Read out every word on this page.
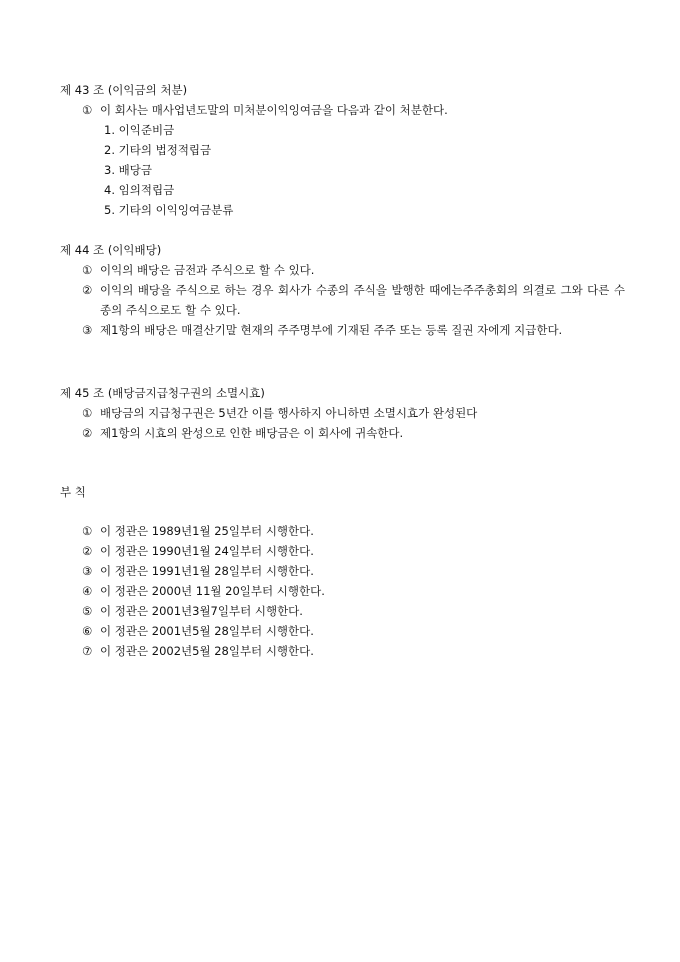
제 43 조 (이익금의 처분)
① 이 회사는 매사업년도말의 미처분이익잉여금을 다음과 같이 처분한다.
1. 이익준비금
2. 기타의 법정적립금
3. 배당금
4. 임의적립금
5. 기타의 이익잉여금분류
제 44 조 (이익배당)
① 이익의 배당은 금전과 주식으로 할 수 있다.
② 이익의 배당을 주식으로 하는 경우 회사가 수종의 주식을 발행한 때에는주주총회의 의결로 그와 다른 수종의 주식으로도 할 수 있다.
③ 제1항의 배당은 매결산기말 현재의 주주명부에 기재된 주주 또는 등록 질권 자에게 지급한다.
제 45 조 (배당금지급청구권의 소멸시효)
① 배당금의 지급청구권은 5년간 이를 행사하지 아니하면 소멸시효가 완성된다
② 제1항의 시효의 완성으로 인한 배당금은 이 회사에 귀속한다.
부 칙
① 이 정관은 1989년1월 25일부터 시행한다.
② 이 정관은 1990년1월 24일부터 시행한다.
③ 이 정관은 1991년1월 28일부터 시행한다.
④ 이 정관은 2000년 11월 20일부터 시행한다.
⑤ 이 정관은 2001년3월7일부터 시행한다.
⑥ 이 정관은 2001년5월 28일부터 시행한다.
⑦ 이 정관은 2002년5월 28일부터 시행한다.
